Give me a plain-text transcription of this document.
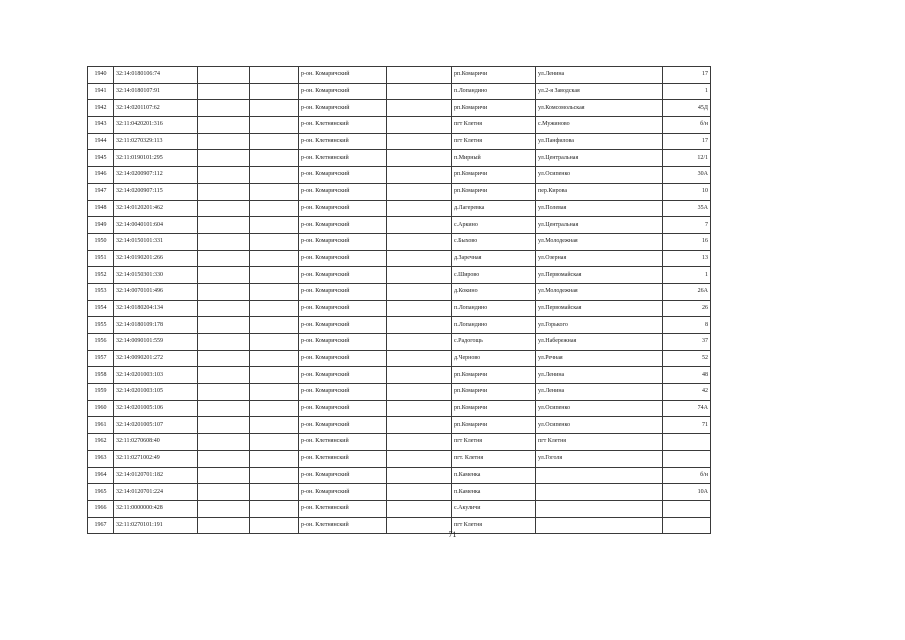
1940	32:14:0180106:74			р-он. Комаричский		рп.Комаричи	ул.Ленина	17
1941	32:14:0180107:91			р-он. Комаричский		п.Лопандино	ул.2-я Заводская	1
1942	32:14:0201107:62			р-он. Комаричский		рп.Комаричи	ул.Комсомольская	45Д
1943	32:11:0420201:316			р-он. Клетнянский		пгт Клетня	с.Мужиново	б/н
1944	32:11:0270329:113			р-он. Клетнянский		пгт Клетня	ул.Панфилова	17
1945	32:11:0190101:295			р-он. Клетнянский		п.Мирный	ул.Центральная	12/1
1946	32:14:0200907:112			р-он. Комаричский		рп.Комаричи	ул.Осипенко	30А
1947	32:14:0200907:115			р-он. Комаричский		рп.Комаричи	пер.Кирова	10
1948	32:14:0120201:462			р-он. Комаричский		д.Лагеревка	ул.Полевая	35А
1949	32:14:0040101:604			р-он. Комаричский		с.Аркино	ул.Центральная	7
1950	32:14:0150101:331			р-он. Комаричский		с.Быхово	ул.Молодежная	16
1951	32:14:0190201:266			р-он. Комаричский		д.Заречная	ул.Озерная	13
1952	32:14:0150301:330			р-он. Комаричский		с.Широво	ул.Первомайская	1
1953	32:14:0070101:496			р-он. Комаричский		д.Кокино	ул.Молодежная	26А
1954	32:14:0180204:134			р-он. Комаричский		п.Лопандино	ул.Первомайская	26
1955	32:14:0180109:178			р-он. Комаричский		п.Лопандино	ул.Горького	8
1956	32:14:0090101:559			р-он. Комаричский		с.Радогощь	ул.Набережная	37
1957	32:14:0090201:272			р-он. Комаричский		д.Черново	ул.Речная	52
1958	32:14:0201003:103			р-он. Комаричский		рп.Комаричи	ул.Ленина	48
1959	32:14:0201003:105			р-он. Комаричский		рп.Комаричи	ул.Ленина	42
1960	32:14:0201005:106			р-он. Комаричский		рп.Комаричи	ул.Осипенко	74А
1961	32:14:0201005:107			р-он. Комаричский		рп.Комаричи	ул.Осипенко	71
1962	32:11:0270608:40			р-он. Клетнянский		пгт Клетня	пгт Клетня	
1963	32:11:0271002:49			р-он. Клетнянский		пгт. Клетня	ул.Гоголя	
1964	32:14:0120701:182			р-он. Комаричский		п.Каменка		б/н
1965	32:14:0120701:224			р-он. Комаричский		п.Каменка		10А
1966	32:11:0000000:428			р-он. Клетнянский		с.Акуличи		
1967	32:11:0270101:191			р-он. Клетнянский		пгт Клетня		
71
